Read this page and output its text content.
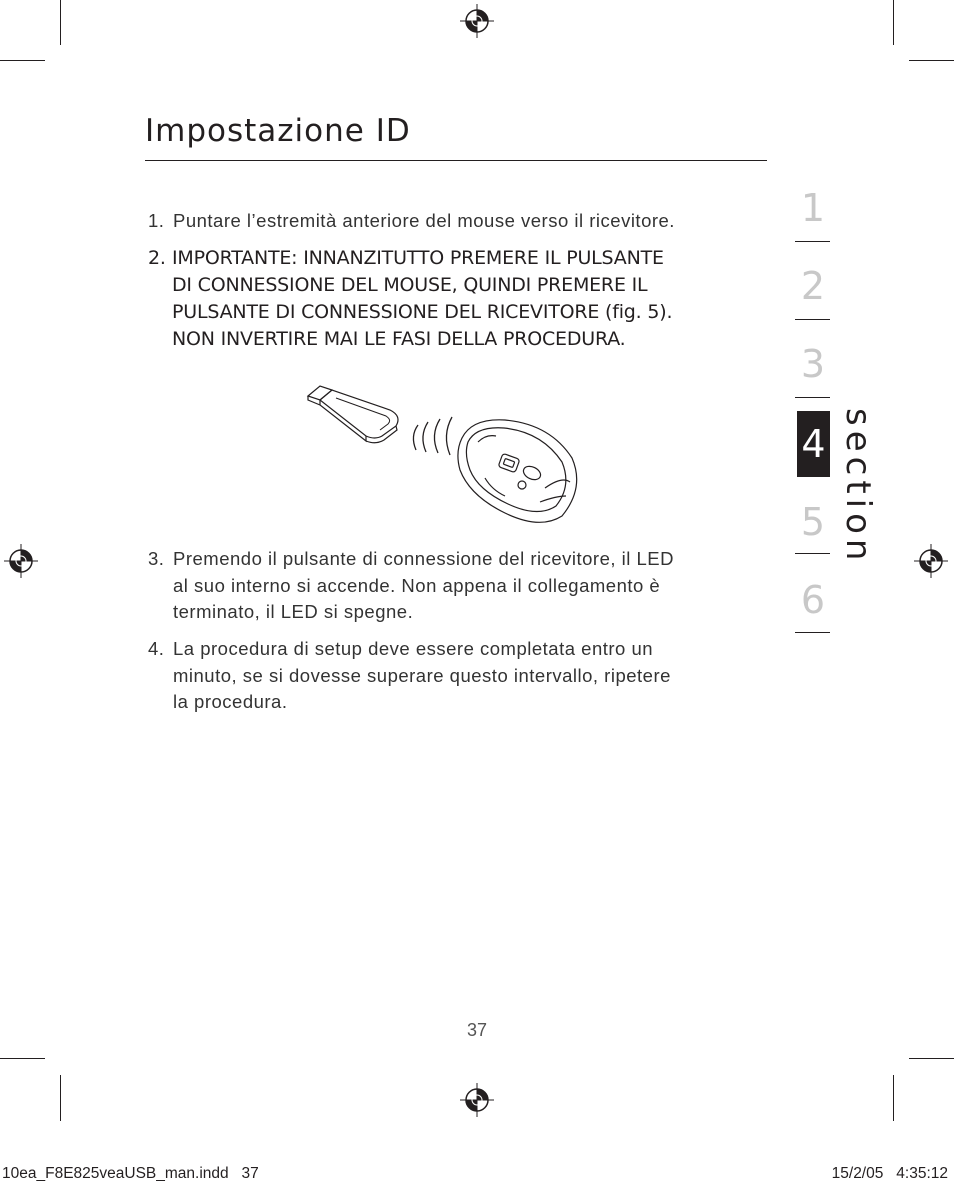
Impostazione ID
1. Puntare l’estremità anteriore del mouse verso il ricevitore.
2. IMPORTANTE: INNANZITUTTO PREMERE IL PULSANTE
DI CONNESSIONE DEL MOUSE, QUINDI PREMERE IL
PULSANTE DI CONNESSIONE DEL RICEVITORE (fig. 5).
NON INVERTIRE MAI LE FASI DELLA PROCEDURA.
3. Premendo il pulsante di connessione del ricevitore, il LED
al suo interno si accende. Non appena il collegamento è
terminato, il LED si spegne.
4. La procedura di setup deve essere completata entro un
minuto, se si dovesse superare questo intervallo, ripetere
la procedura.
1
2
3
4
5
6
section
37
10ea_F8E825veaUSB_man.indd   37	15/2/05   4:35:12
